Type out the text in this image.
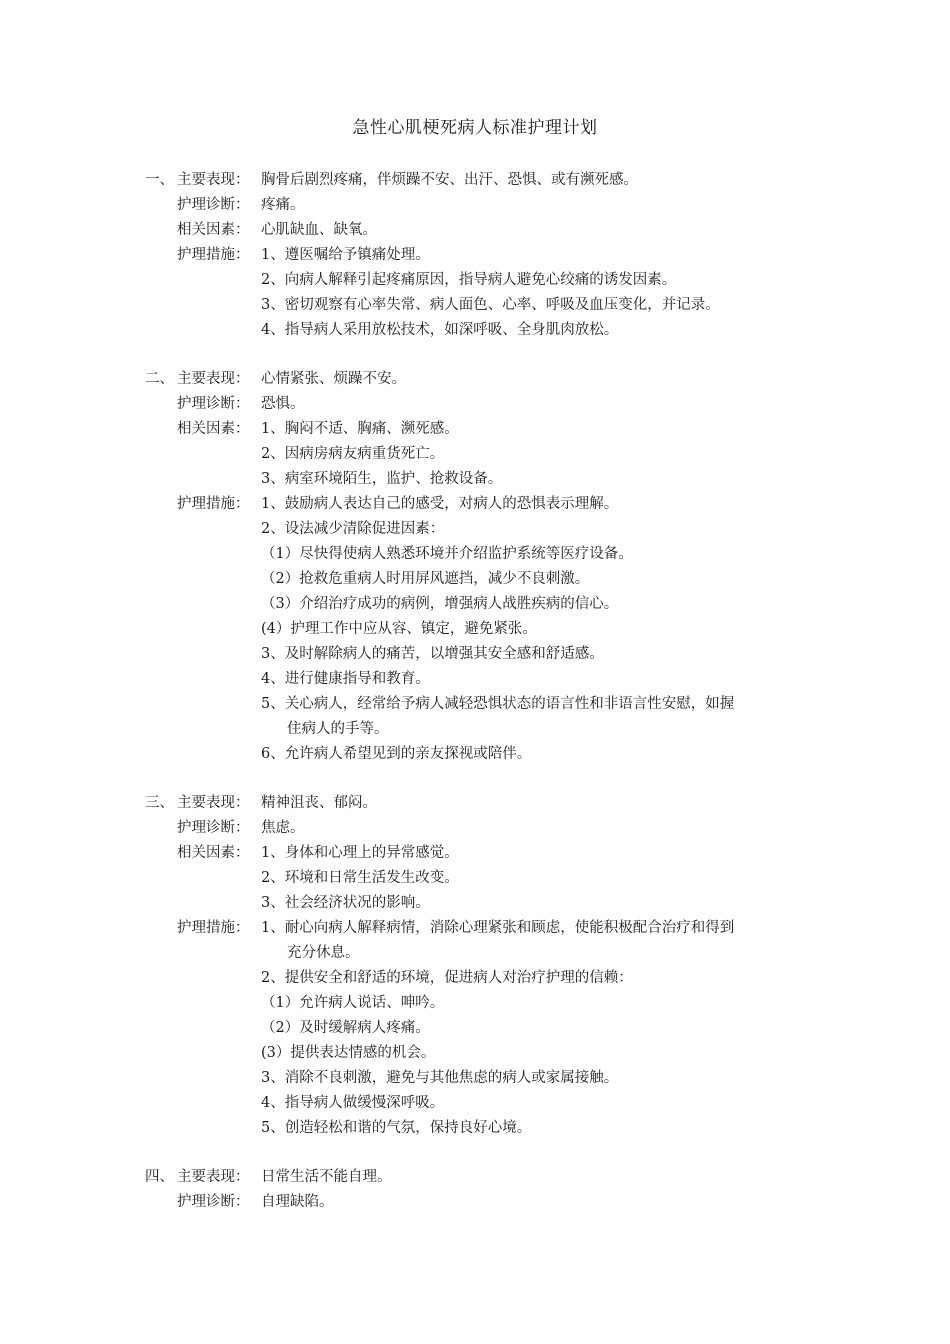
急性心肌梗死病人标准护理计划
一、 主要表现： 胸骨后剧烈疼痛，伴烦躁不安、出汗、恐惧、或有濒死感。
护理诊断： 疼痛。
相关因素： 心肌缺血、缺氧。
护理措施： 1、遵医嘱给予镇痛处理。
2、向病人解释引起疼痛原因，指导病人避免心绞痛的诱发因素。
3、密切观察有心率失常、病人面色、心率、呼吸及血压变化，并记录。
4、指导病人采用放松技术，如深呼吸、全身肌肉放松。
二、 主要表现： 心情紧张、烦躁不安。
护理诊断： 恐惧。
相关因素： 1、胸闷不适、胸痛、濒死感。
2、因病房病友病重货死亡。
3、病室环境陌生，监护、抢救设备。
护理措施： 1、鼓励病人表达自己的感受，对病人的恐惧表示理解。
2、设法减少清除促进因素：
（1）尽快得使病人熟悉环境并介绍监护系统等医疗设备。
（2）抢救危重病人时用屏风遮挡，减少不良刺激。
（3）介绍治疗成功的病例，增强病人战胜疾病的信心。
(4）护理工作中应从容、镇定，避免紧张。
3、及时解除病人的痛苦，以增强其安全感和舒适感。
4、进行健康指导和教育。
5、关心病人，经常给予病人减轻恐惧状态的语言性和非语言性安慰，如握
住病人的手等。
6、允许病人希望见到的亲友探视或陪伴。
三、 主要表现： 精神沮丧、郁闷。
护理诊断： 焦虑。
相关因素： 1、身体和心理上的异常感觉。
2、环境和日常生活发生改变。
3、社会经济状况的影响。
护理措施： 1、耐心向病人解释病情，消除心理紧张和顾虑，使能积极配合治疗和得到
充分休息。
2、提供安全和舒适的环境，促进病人对治疗护理的信赖：
（1）允许病人说话、呻吟。
（2）及时缓解病人疼痛。
(3）提供表达情感的机会。
3、消除不良刺激，避免与其他焦虑的病人或家属接触。
4、指导病人做缓慢深呼吸。
5、创造轻松和谐的气氛，保持良好心境。
四、 主要表现： 日常生活不能自理。
护理诊断： 自理缺陷。
